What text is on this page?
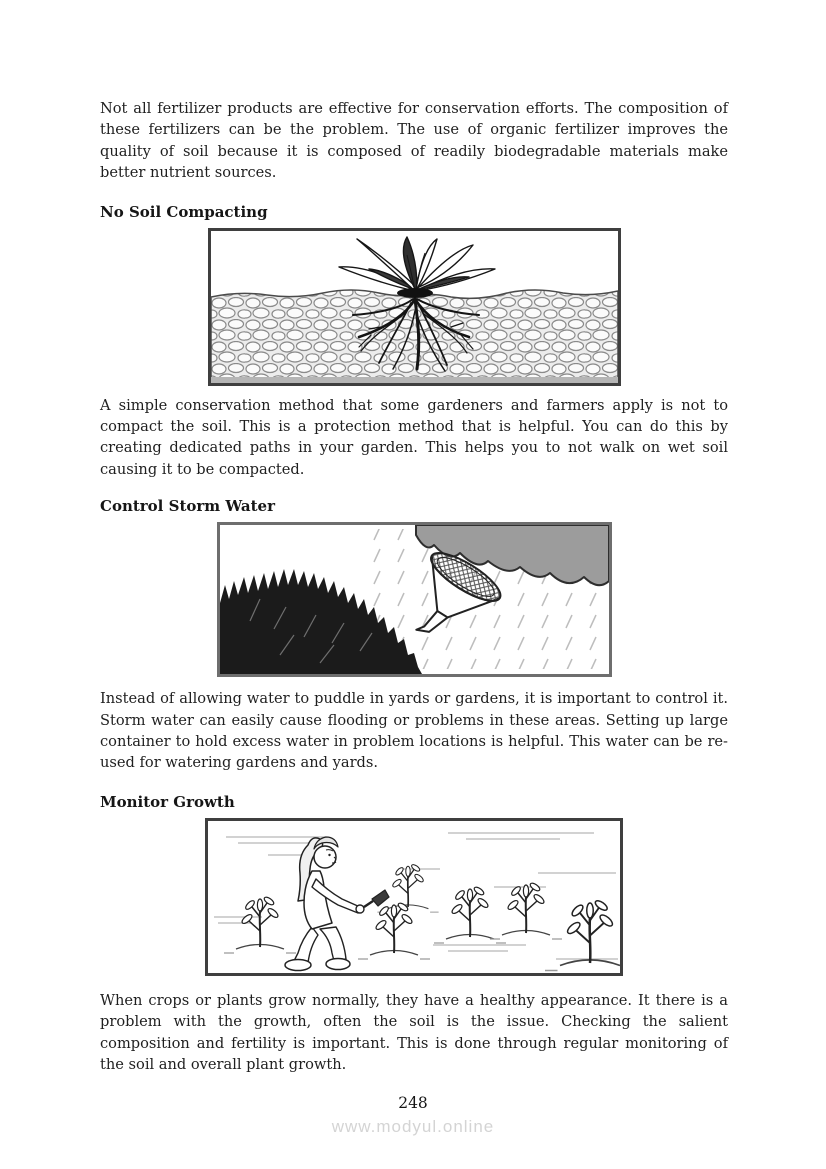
Not all fertilizer products are effective for conservation efforts. The composition of these fertilizers can be the problem. The use of organic fertilizer improves the quality of soil because it is composed of readily biodegradable materials make better nutrient sources.

No Soil Compacting

A simple conservation method that some gardeners and farmers apply is not to compact the soil. This is a protection method that is helpful. You can do this by creating dedicated paths in your garden. This helps you to not walk on wet soil causing it to be compacted.

Control Storm Water

Instead of allowing water to puddle in yards or gardens, it is important to control it. Storm water can easily cause flooding or problems in these areas. Setting up large container to hold excess water in problem locations is helpful. This water can be re-used for watering gardens and yards.

Monitor Growth

When crops or plants grow normally, they have a healthy appearance. It there is a problem with the growth, often the soil is the issue. Checking the salient composition and fertility is important. This is done through regular monitoring of the soil and overall plant growth.

248
www.modyul.online
